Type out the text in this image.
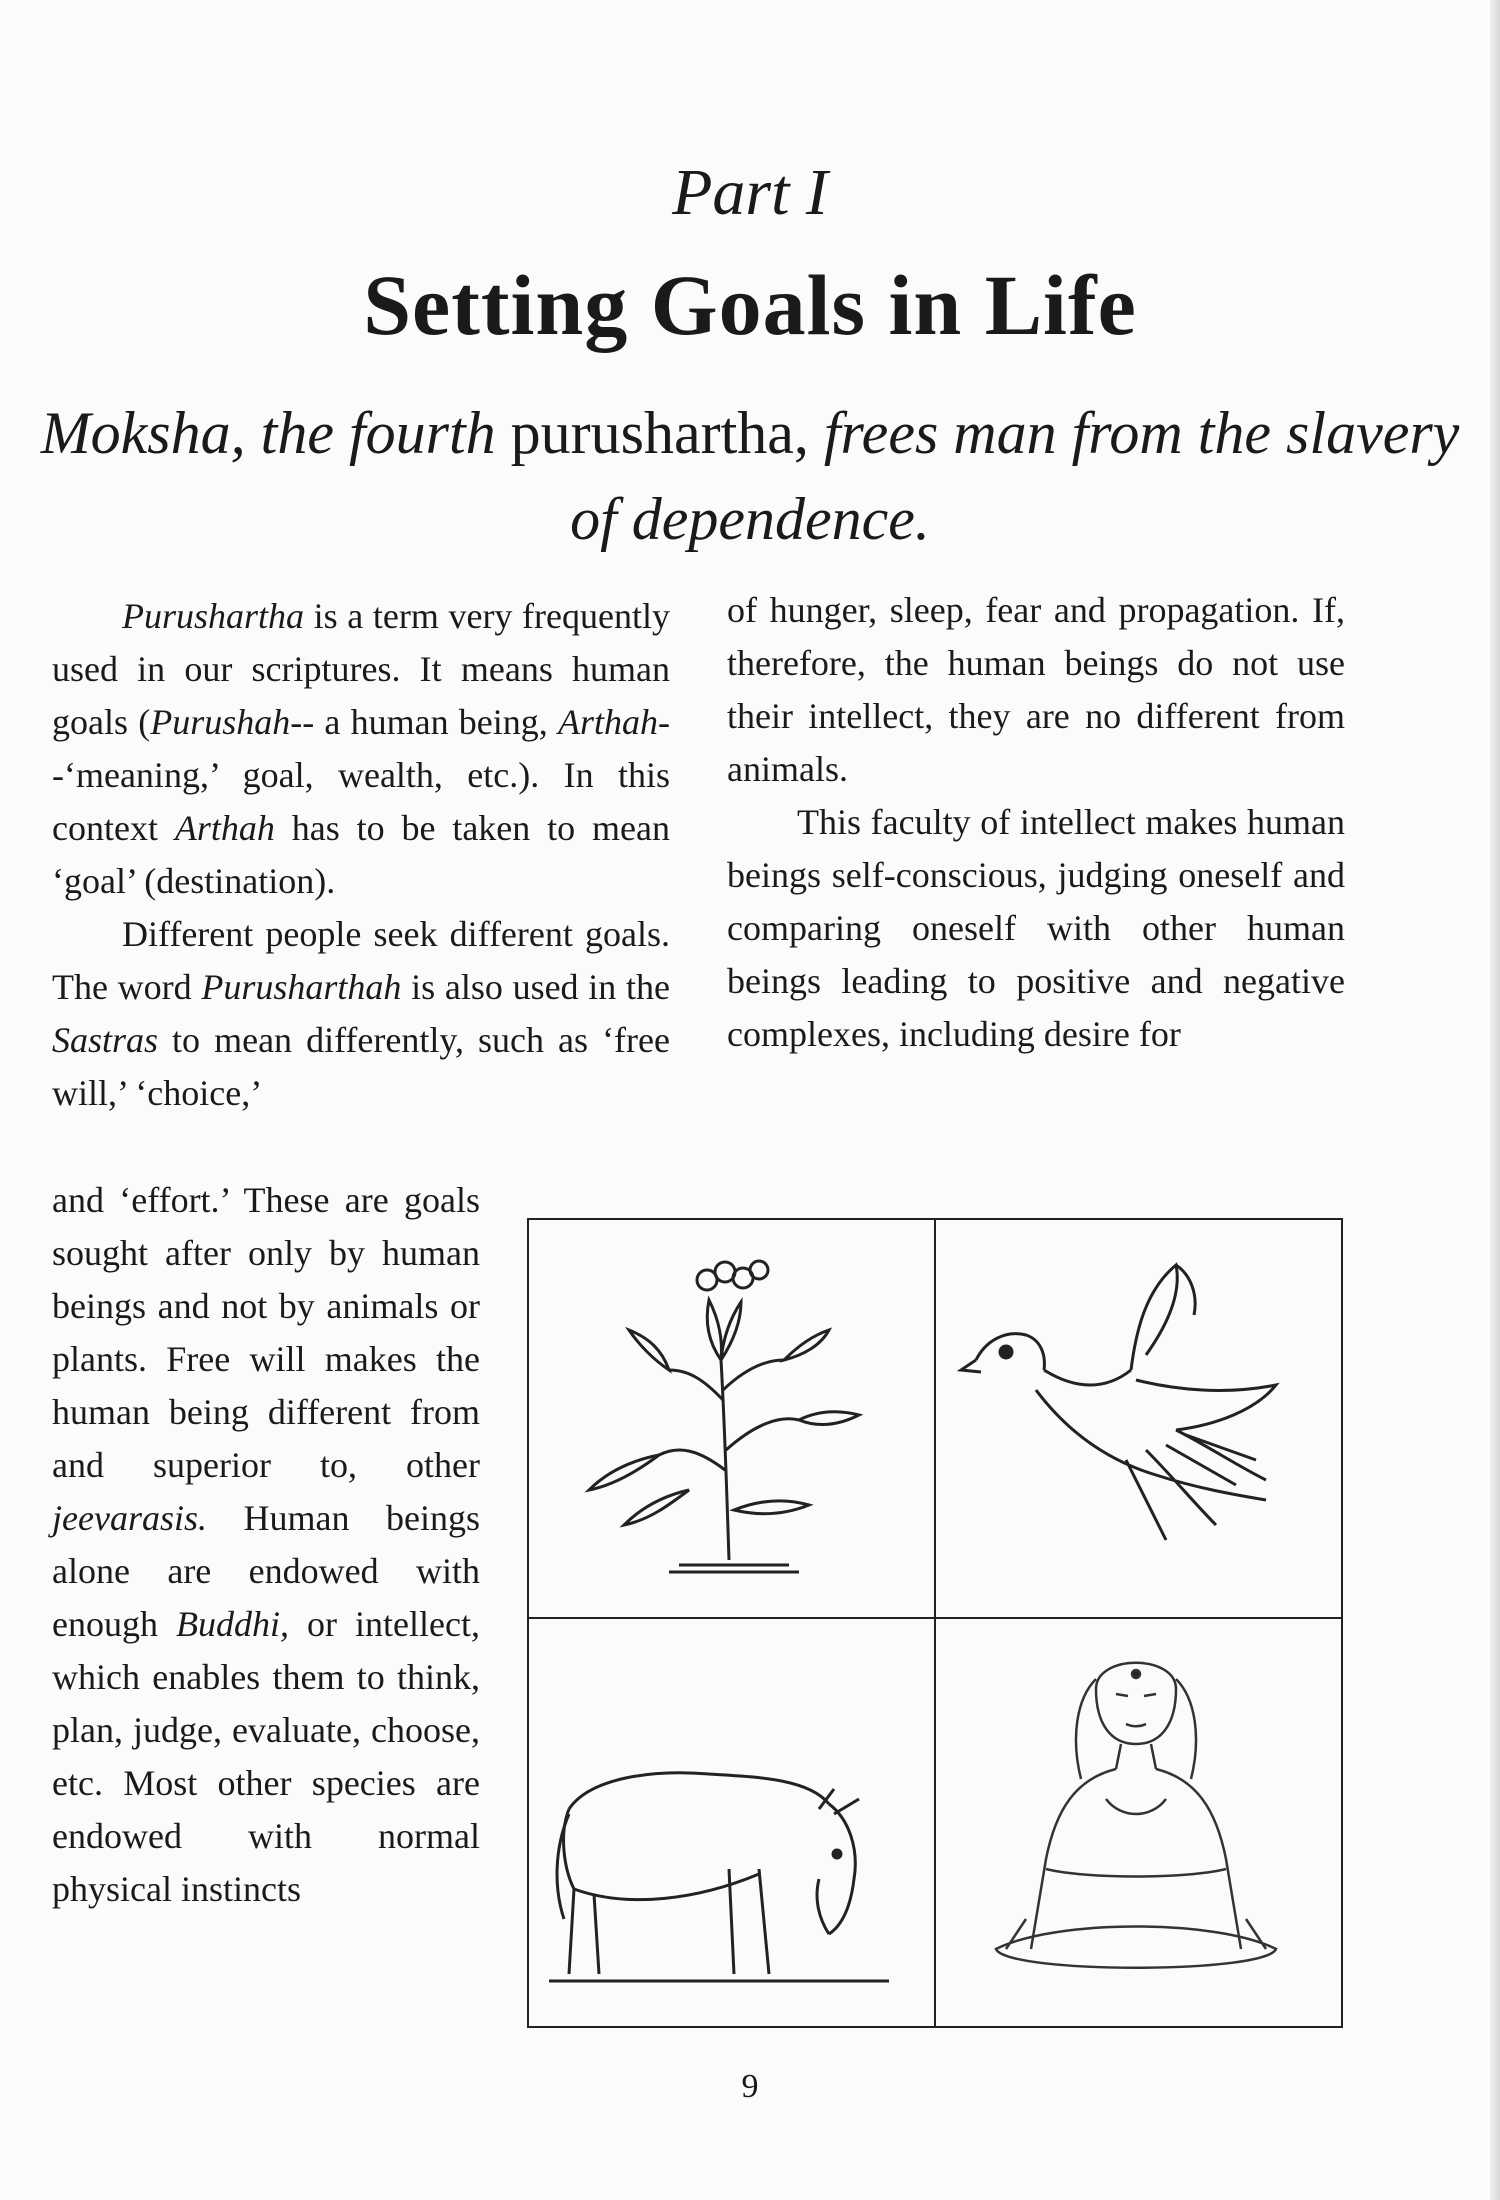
Part I
Setting Goals in Life
Moksha, the fourth purushartha, frees man from the slavery of dependence.
Purushartha is a term very frequently used in our scriptures. It means human goals (Purushah-- a human being, Arthah--‘meaning,’ goal, wealth, etc.). In this context Arthah has to be taken to mean ‘goal’ (destination).
Different people seek different goals. The word Purusharthah is also used in the Sastras to mean differently, such as ‘free will,’ ‘choice,’
and ‘effort.’ These are goals sought after only by human beings and not by animals or plants. Free will makes the human being different from and superior to, other jeevarasis. Human beings alone are endowed with enough Buddhi, or intellect, which enables them to think, plan, judge, evaluate, choose, etc. Most other species are endowed with normal physical instincts
of hunger, sleep, fear and propagation. If, therefore, the human beings do not use their intellect, they are no different from animals.
This faculty of intellect makes human beings self-conscious, judging oneself and comparing oneself with other human beings leading to positive and negative complexes, including desire for
9
